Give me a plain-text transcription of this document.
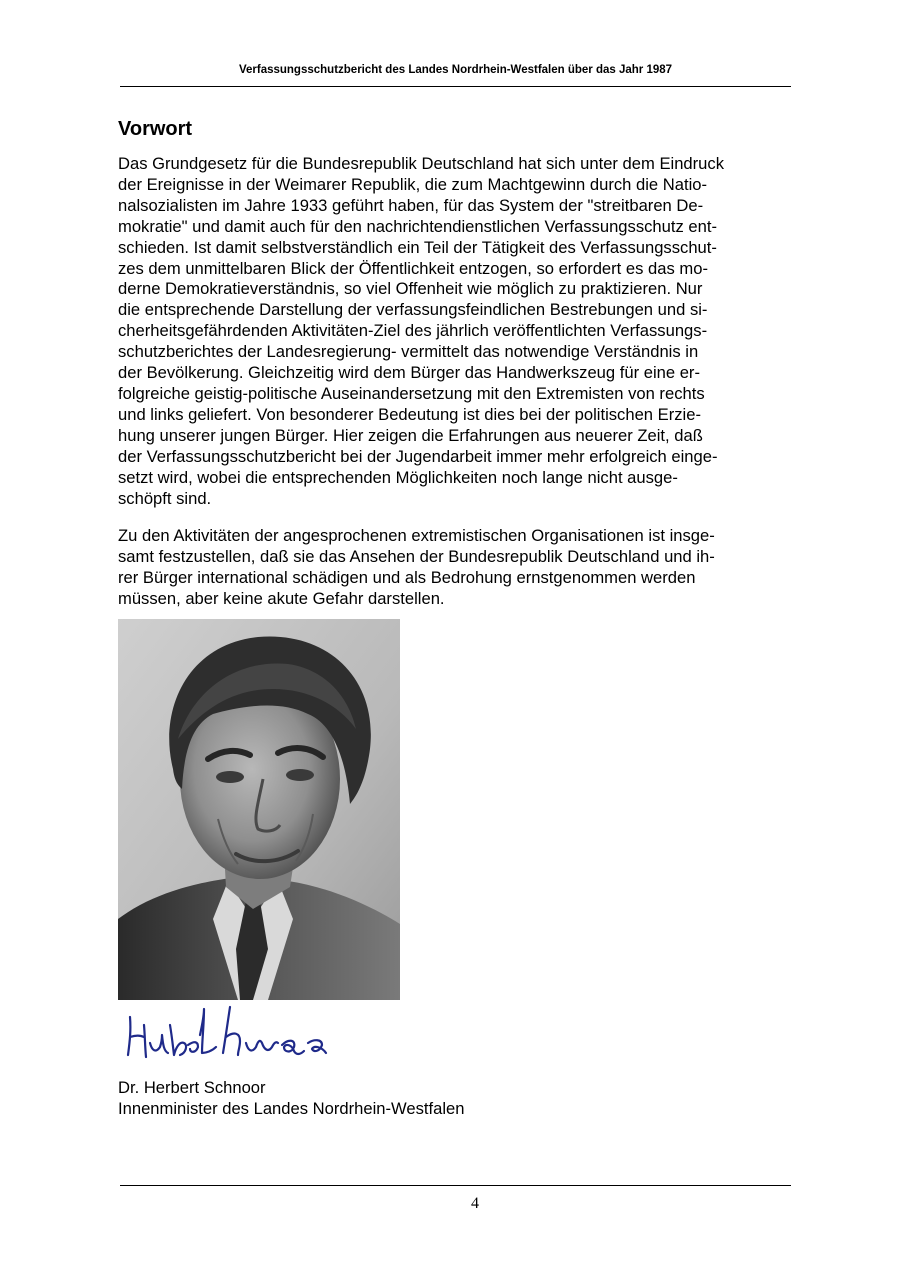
Verfassungsschutzbericht des Landes Nordrhein-Westfalen über das Jahr 1987
Vorwort

Das Grundgesetz für die Bundesrepublik Deutschland hat sich unter dem Eindruck
der Ereignisse in der Weimarer Republik, die zum Machtgewinn durch die Natio-
nalsozialisten im Jahre 1933 geführt haben, für das System der "streitbaren De-
mokratie" und damit auch für den nachrichtendienstlichen Verfassungsschutz ent-
schieden. Ist damit selbstverständlich ein Teil der Tätigkeit des Verfassungsschut-
zes dem unmittelbaren Blick der Öffentlichkeit entzogen, so erfordert es das mo-
derne Demokratieverständnis, so viel Offenheit wie möglich zu praktizieren. Nur
die entsprechende Darstellung der verfassungsfeindlichen Bestrebungen und si-
cherheitsgefährdenden Aktivitäten-Ziel des jährlich veröffentlichten Verfassungs-
schutzberichtes der Landesregierung- vermittelt das notwendige Verständnis in
der Bevölkerung. Gleichzeitig wird dem Bürger das Handwerkszeug für eine er-
folgreiche geistig-politische Auseinandersetzung mit den Extremisten von rechts
und links geliefert. Von besonderer Bedeutung ist dies bei der politischen Erzie-
hung unserer jungen Bürger. Hier zeigen die Erfahrungen aus neuerer Zeit, daß
der Verfassungsschutzbericht bei der Jugendarbeit immer mehr erfolgreich einge-
setzt wird, wobei die entsprechenden Möglichkeiten noch lange nicht ausge-
schöpft sind.

Zu den Aktivitäten der angesprochenen extremistischen Organisationen ist insge-
samt festzustellen, daß sie das Ansehen der Bundesrepublik Deutschland und ih-
rer Bürger international schädigen und als Bedrohung ernstgenommen werden
müssen, aber keine akute Gefahr darstellen.

Dr. Herbert Schnoor
Innenminister des Landes Nordrhein-Westfalen
4
